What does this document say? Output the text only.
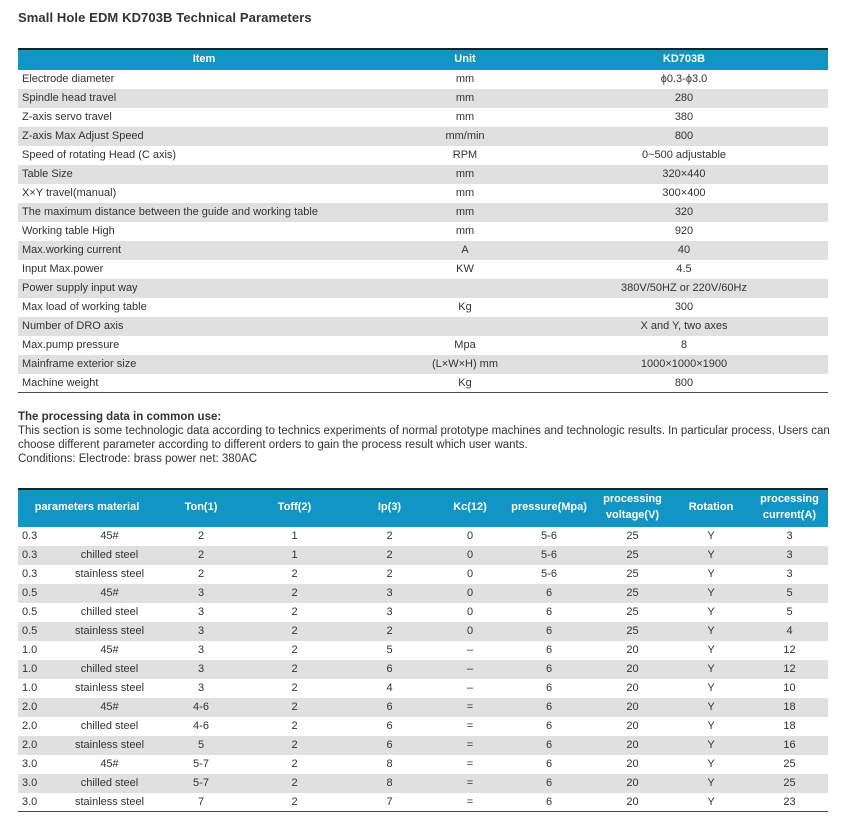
Small Hole EDM KD703B Technical Parameters
Item	Unit	KD703B
Electrode diameter	mm	ϕ0.3-ϕ3.0
Spindle head travel	mm	280
Z-axis servo travel	mm	380
Z-axis Max Adjust Speed	mm/min	800
Speed of rotating Head (C axis)	RPM	0~500 adjustable
Table Size	mm	320×440
X×Y travel(manual)	mm	300×400
The maximum distance between the guide and working table	mm	320
Working table High	mm	920
Max.working current	A	40
Input Max.power	KW	4.5
Power supply input way		380V/50HZ or 220V/60Hz
Max load of working table	Kg	300
Number of DRO axis		X and Y, two axes
Max.pump pressure	Mpa	8
Mainframe exterior size	(L×W×H) mm	1000×1000×1900
Machine weight	Kg	800
The processing data in common use:
This section is some technologic data according to technics experiments of normal prototype machines and technologic results. In particular process, Users can choose different parameter according to different orders to gain the process result which user wants.
Conditions: Electrode: brass power net: 380AC
parameters material		Ton(1)	Toff(2)	Ip(3)	Kc(12)	pressure(Mpa)	processing voltage(V)	Rotation	processing current(A)
0.3	45#	2	1	2	0	5-6	25	Y	3
0.3	chilled steel	2	1	2	0	5-6	25	Y	3
0.3	stainless steel	2	2	2	0	5-6	25	Y	3
0.5	45#	3	2	3	0	6	25	Y	5
0.5	chilled steel	3	2	3	0	6	25	Y	5
0.5	stainless steel	3	2	2	0	6	25	Y	4
1.0	45#	3	2	5	–	6	20	Y	12
1.0	chilled steel	3	2	6	–	6	20	Y	12
1.0	stainless steel	3	2	4	–	6	20	Y	10
2.0	45#	4-6	2	6	=	6	20	Y	18
2.0	chilled steel	4-6	2	6	=	6	20	Y	18
2.0	stainless steel	5	2	6	=	6	20	Y	16
3.0	45#	5-7	2	8	=	6	20	Y	25
3.0	chilled steel	5-7	2	8	=	6	20	Y	25
3.0	stainless steel	7	2	7	=	6	20	Y	23
